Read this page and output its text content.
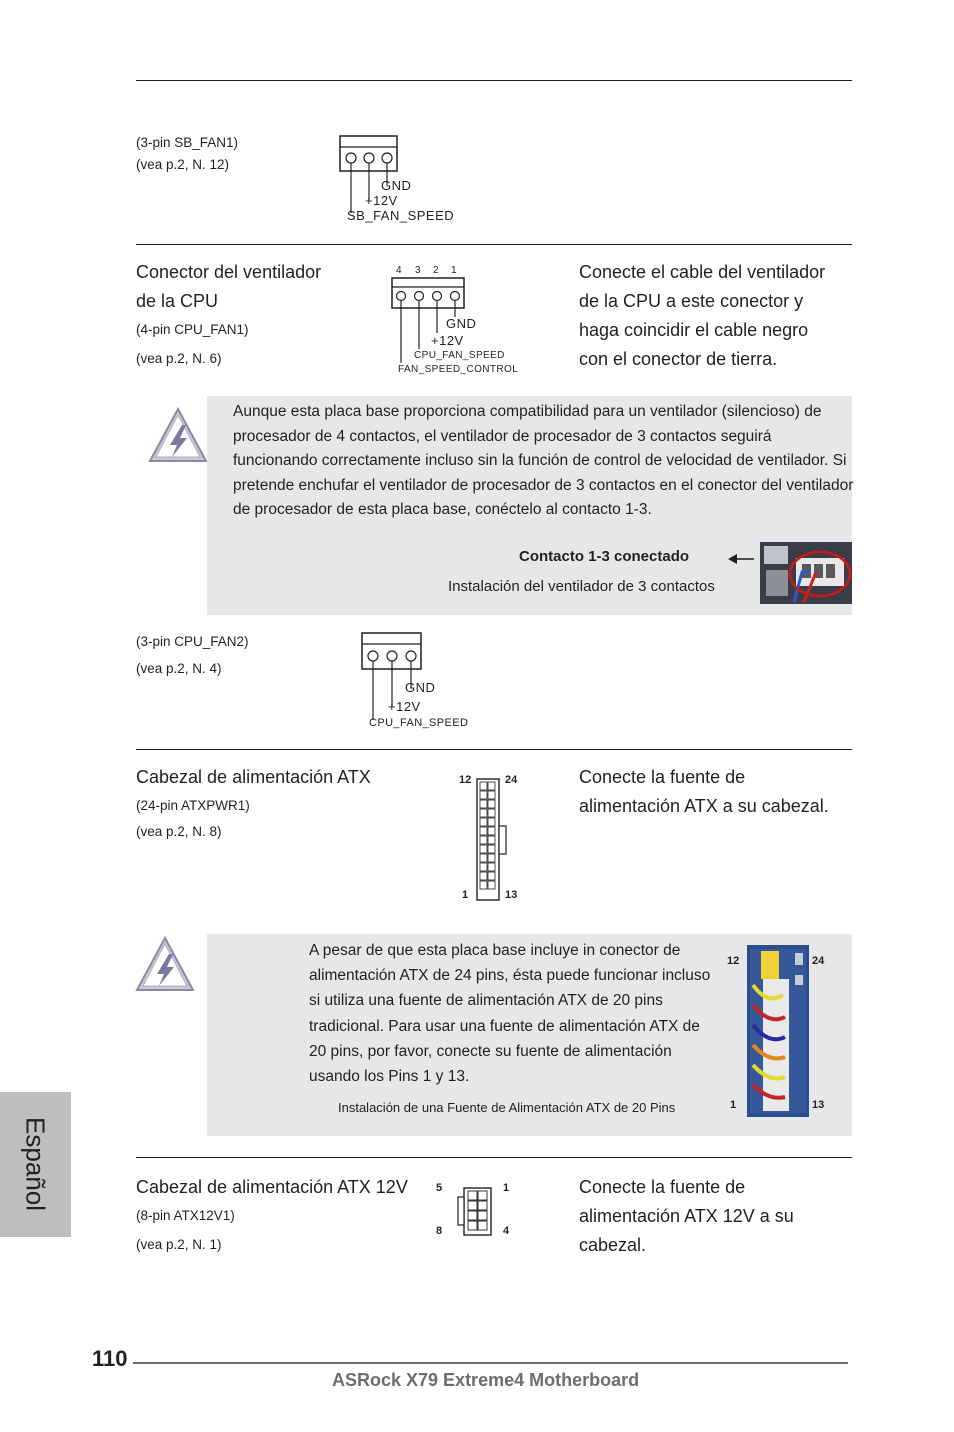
(3-pin SB_FAN1)
(vea p.2, N. 12)
GND
+12V
SB_FAN_SPEED
Conector del ventilador
de la CPU
(4-pin CPU_FAN1)
(vea p.2, N. 6)
4 3 2 1
GND
+12V
CPU_FAN_SPEED
FAN_SPEED_CONTROL
Conecte el cable del ventilador
de la CPU a este conector y
haga coincidir el cable negro
con el conector de tierra.
Aunque esta placa base proporciona compatibilidad para un ventilador (silencioso) de procesador de 4 contactos, el ventilador de procesador de 3 contactos seguirá funcionando correctamente incluso sin la función de control de velocidad de ventilador. Si pretende enchufar el ventilador de procesador de 3 contactos en el conector del ventilador de procesador de esta placa base, conéctelo al contacto 1-3.
Contacto 1-3 conectado
Instalación del ventilador de 3 contactos
(3-pin CPU_FAN2)
(vea p.2, N. 4)
GND
+12V
CPU_FAN_SPEED
Cabezal de alimentación ATX
(24-pin ATXPWR1)
(vea p.2, N. 8)
12	24
1	13
Conecte la fuente de
alimentación ATX a su cabezal.
A pesar de que esta placa base incluye in conector de alimentación ATX de 24 pins, ésta puede funcionar incluso si utiliza una fuente de alimentación ATX de 20 pins tradicional. Para usar una fuente de alimentación ATX de 20 pins, por favor, conecte su fuente de alimentación usando los Pins 1 y 13.
Instalación de una Fuente de Alimentación ATX de 20 Pins
12	24
1	13
Cabezal de alimentación ATX 12V
(8-pin ATX12V1)
(vea p.2, N. 1)
5	1
8	4
Conecte la fuente de
alimentación ATX 12V a su
cabezal.
Español
110
ASRock X79 Extreme4 Motherboard
